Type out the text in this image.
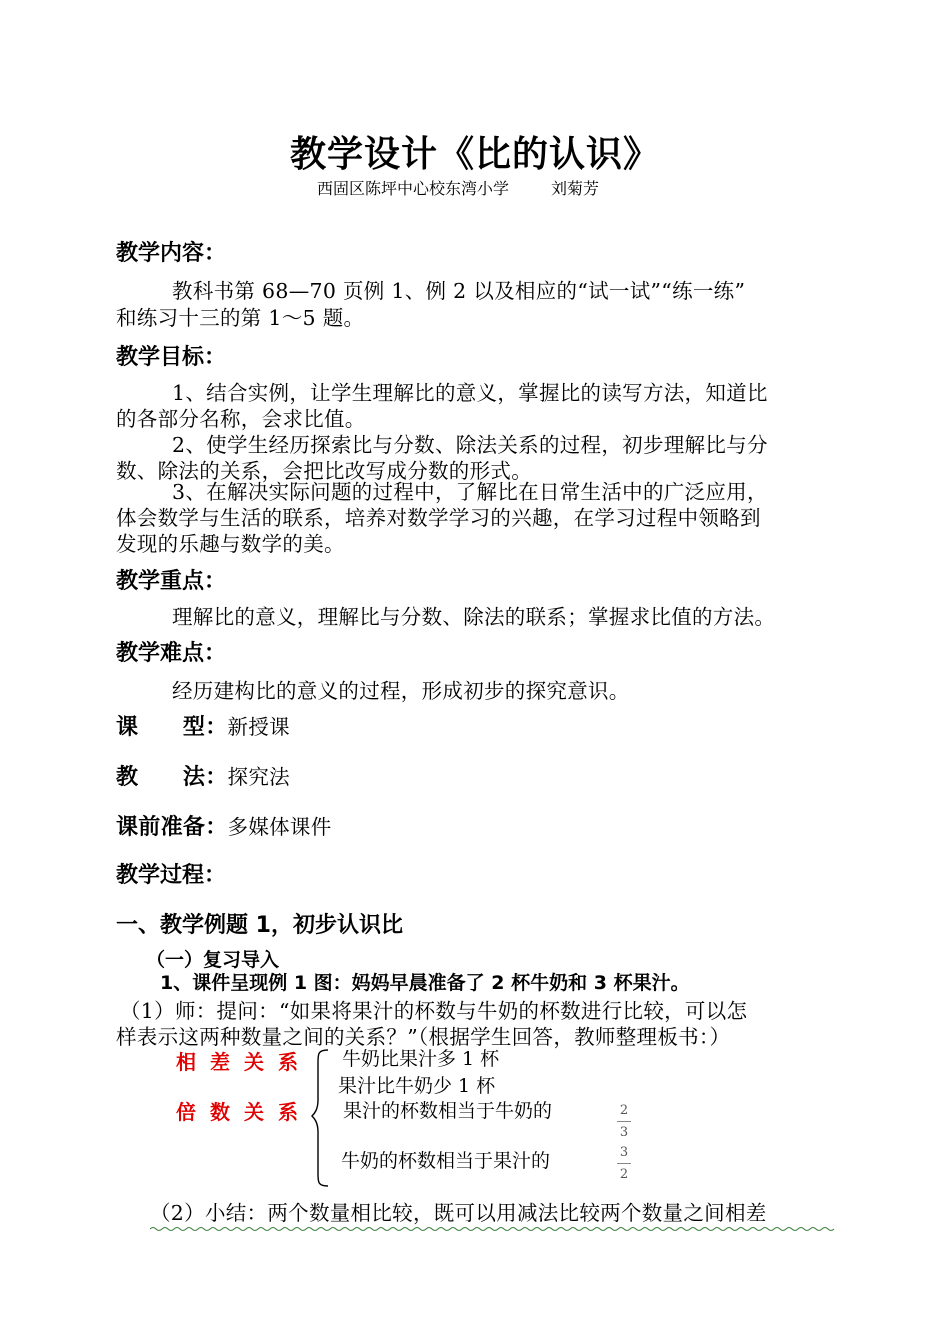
教学设计《比的认识》
西固区陈坪中心校东湾小学	刘菊芳
教学内容：
教科书第 68—70 页例 1、例 2 以及相应的“试一试”“练一练”
和练习十三的第 1～5 题。
教学目标：
1、结合实例，让学生理解比的意义，掌握比的读写方法，知道比
的各部分名称，会求比值。
2、使学生经历探索比与分数、除法关系的过程，初步理解比与分
数、除法的关系，会把比改写成分数的形式。
3、在解决实际问题的过程中，了解比在日常生活中的广泛应用，
体会数学与生活的联系，培养对数学学习的兴趣，在学习过程中领略到
发现的乐趣与数学的美。
教学重点：
理解比的意义，理解比与分数、除法的联系；掌握求比值的方法。
教学难点：
经历建构比的意义的过程，形成初步的探究意识。
课　　型：新授课
教　　法：探究法
课前准备：多媒体课件
教学过程：
一、教学例题 1，初步认识比
（一）复习导入
1、课件呈现例 1 图：妈妈早晨准备了 2 杯牛奶和 3 杯果汁。
（1）师：提问：“如果将果汁的杯数与牛奶的杯数进行比较，可以怎
样表示这两种数量之间的关系？”（根据学生回答，教师整理板书：）
相差关系
倍数关系
牛奶比果汁多 1 杯
果汁比牛奶少 1 杯
果汁的杯数相当于牛奶的
牛奶的杯数相当于果汁的
2
3
3
2
（2）小结：两个数量相比较，既可以用减法比较两个数量之间相差
